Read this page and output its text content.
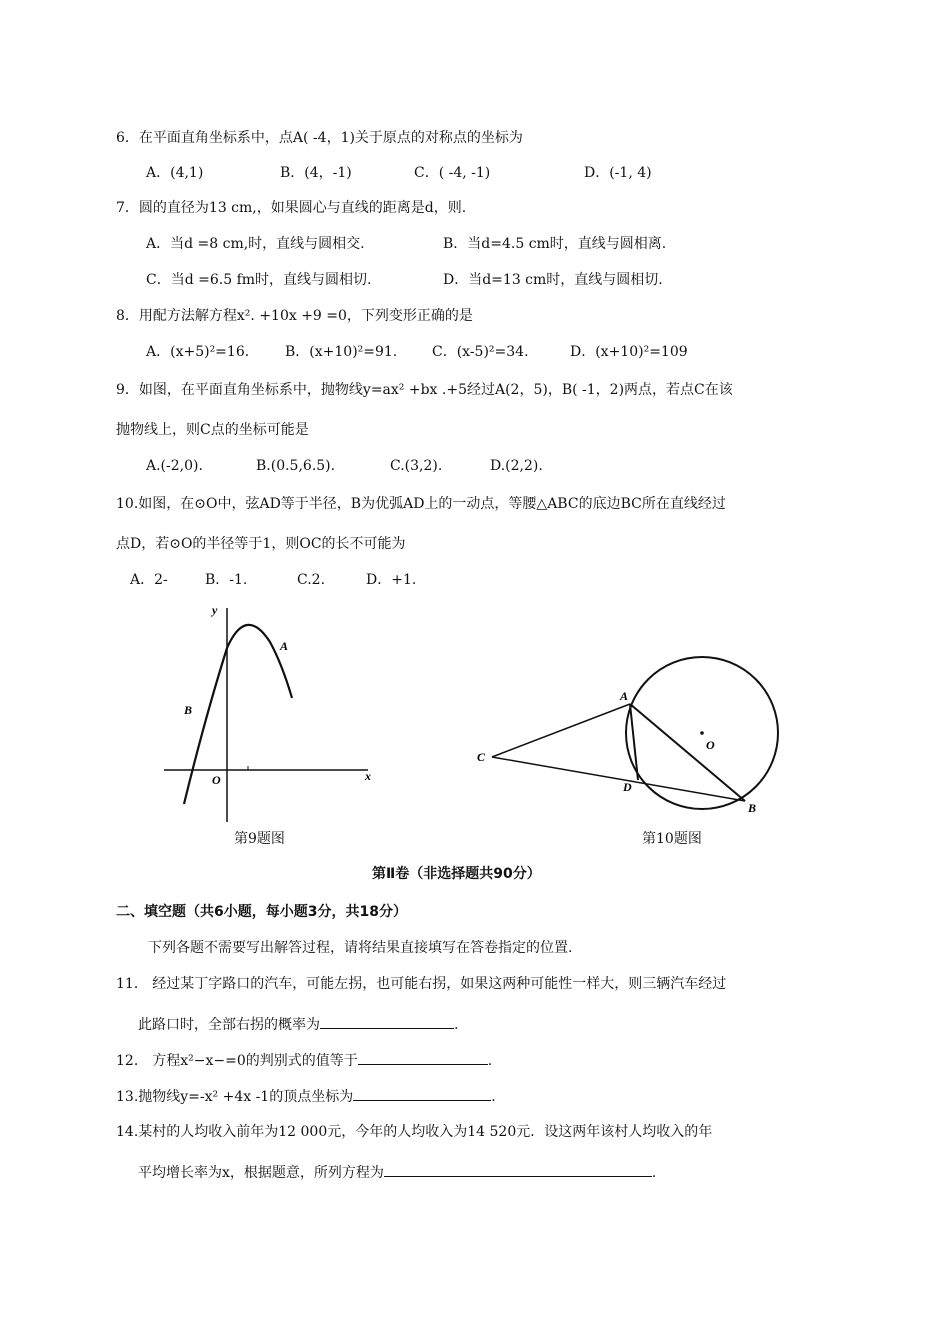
6．在平面直角坐标系中，点A( -4，1)关于原点的对称点的坐标为
A．(4,1)	B．(4，-1)	C．( -4, -1)	D．(-1, 4)
7．圆的直径为13 cm,，如果圆心与直线的距离是d，则.
A．当d =8 cm,时，直线与圆相交.	B．当d=4.5 cm时，直线与圆相离.
C．当d =6.5 fm时，直线与圆相切.	D．当d=13 cm时，直线与圆相切.
8．用配方法解方程x². +10x +9 =0，下列变形正确的是
A．(x+5)²=16.	B．(x+10)²=91. C．(x-5)²=34.	D．(x+10)²=109
9．如图，在平面直角坐标系中，抛物线y=ax² +bx .+5经过A(2，5)，B( -1，2)两点，若点C在该
抛物线上，则C点的坐标可能是
A.(-2,0).	B.(0.5,6.5).	C.(3,2).	D.(2,2).
10.如图，在⊙O中，弦AD等于半径，B为优弧AD上的一动点，等腰△ABC的底边BC所在直线经过
点D，若⊙O的半径等于1，则OC的长不可能为
A．2-	B．-1.	C.2.	D．+1.
y
x
O
A
B
第9题图
A
B
C
D
O
第10题图
第Ⅱ卷（非选择题共90分）
二、填空题（共6小题，每小题3分，共18分）
下列各题不需要写出解答过程，请将结果直接填写在答卷指定的位置.
11． 经过某丁字路口的汽车，可能左拐，也可能右拐，如果这两种可能性一样大，则三辆汽车经过
此路口时，全部右拐的概率为	.
12． 方程x²−x−=0的判别式的值等于	.
13.抛物线y=-x² +4x -1的顶点坐标为	.
14.某村的人均收入前年为12 000元，今年的人均收入为14 520元．设这两年该村人均收入的年
平均增长率为x，根据题意，所列方程为	.
